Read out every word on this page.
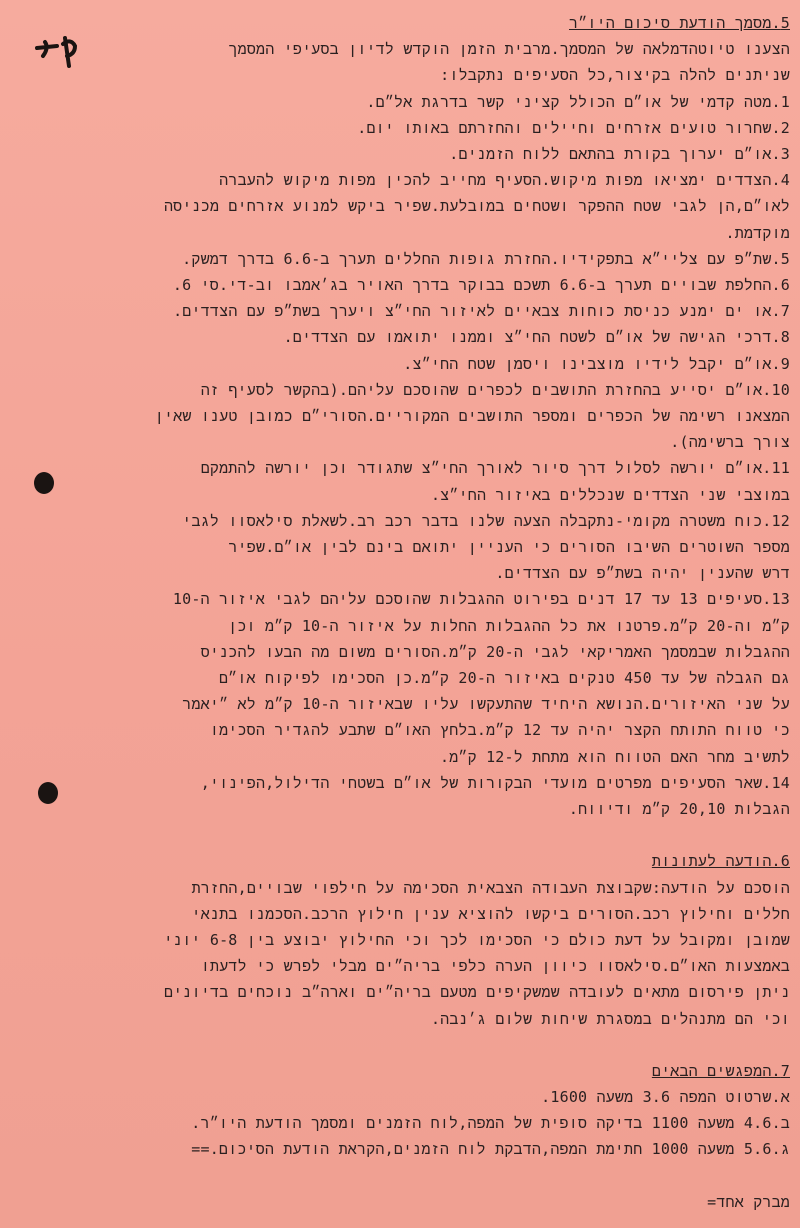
5.מסמך הודעת סיכום היו״ר

הצענו טיוטהדמלאה של המסמך.מרבית הזמן הוקדש לדיון בסעיפי המסמך

שניתנים להלה בקיצור,כל הסעיפים נתקבלו:

1.מטה קדמי של או״ם הכולל קציני קשר בדרגת אל״ם.

2.שחרור טועים אזרחים וחיילים והחזרתם באותו יום.

3.או״ם יערוך בקורת בהתאם ללוח הזמנים.

4.הצדדים ימציאו מפות מיקוש.הסעיף מחייב להכין מפות מיקוש להעברה

לאו״ם,הן לגבי שטח ההפקר ושטחים במובלעת.שפיר ביקש למנוע אזרחים מכניסה

מוקדמת.

5.שת״פ עם צליי״א בתפקידיו.החזרת גופות החללים תערך ב-6.6 בדרך דמשק.

6.החלפת שבויים תערך ב-6.6 תשכם בבוקר בדרך האויר בג׳אמבו וב-די.סי 6.

7.או ים ימנע כניסת כוחות צבאיים לאיזור החי״צ ויערך בשת״פ עם הצדדים.

8.דרכי הגישה של או״ם לשטח החי״צ וממנו יתואמו עם הצדדים.

9.או״ם יקבל לידיו מוצבינו ויסמן שטח החי״צ.

10.או״ם יסייע בהחזרת התושבים לכפרים שהוסכם עליהם.(בהקשר לסעיף זה

המצאנו רשימה של הכפרים ומספר התושבים המקוריים.הסורי״ם כמובן טענו שאין

צורך ברשימה).

11.או״ם יורשה לסלול דרך סיור לאורך החי״צ שתגודר וכן יורשה להתמקם

במוצבי שני הצדדים שנכללים באיזור החי״צ.

12.כוח משטרה מקומי-נתקבלה הצעה שלנו בדבר רכב רב.לשאלת סילאסוו לגבי

מספר השוטרים השיבו הסורים כי העניין יתואם בינם לבין או״ם.שפיר

דרש שהענין יהיה בשת״פ עם הצדדים.

13.סעיפים 13 עד 17 דנים בפירוט ההגבלות שהוסכם עליהם לגבי איזור ה-10

ק״מ וה-20 ק״מ.פרטנו את כל ההגבלות החלות על איזור ה-10 ק״מ וכן

ההגבלות שבמסמך האמריקאי לגבי ה-20 ק״מ.הסורים משום מה הבעו להכניס

גם הגבלה של עד 450 טנקים באיזור ה-20 ק״מ.כן הסכימו לפיקוח או״ם

על שני האיזורים.הנושא היחיד שהתעקשו עליו שבאיזור ה-10 ק״מ לא ״יאמר

כי טווח התותח הקצר יהיה עד 12 ק״מ.בלחץ האו״ם שתבע להגדיר הסכימו

לתשיב מחר האם הטווח הוא מתחת ל-12 ק״מ.

14.שאר הסעיפים מפרטים מועדי הבקורות של או״ם בשטחי הדילול,הפינוי,

הגבלות 20,10 ק״מ ודיווח.

6.הודעה לעתונות

הוסכם על הודעה:שקבוצת העבודה הצבאית הסכימה על חילפוי שבויים,החזרת

חללים וחילוץ רכב.הסורים ביקשו להוציא ענין חילוץ הרכב.הסכמנו בתנאי

שמובן ומקובל על דעת כולם כי הסכימו לכך וכי החילוץ יבוצע בין 6-8 יוני

באמצעות האו״ם.סילאסוו כיוון הערה כלפי בריה״ים מבלי לפרש כי לדעתו

ניתן פירסום מתאים לעובדה שמשקיפים מטעם בריה״ים וארה״ב נוכחים בדיונים

וכי הם מתנהלים במסגרת שיחות שלום ג׳נבה.

7.המפגשים הבאים

א.שרטוט המפה 3.6 משעה 1600.

ב.4.6 משעה 1100 בדיקה סופית של המפה,לוח הזמנים ומסמך הודעת היו״ר.

ג.5.6 משעה 1000 חתימת המפה,הדבקת לוח הזמנים,הקראת הודעת הסיכום.==

מברק אחד=
